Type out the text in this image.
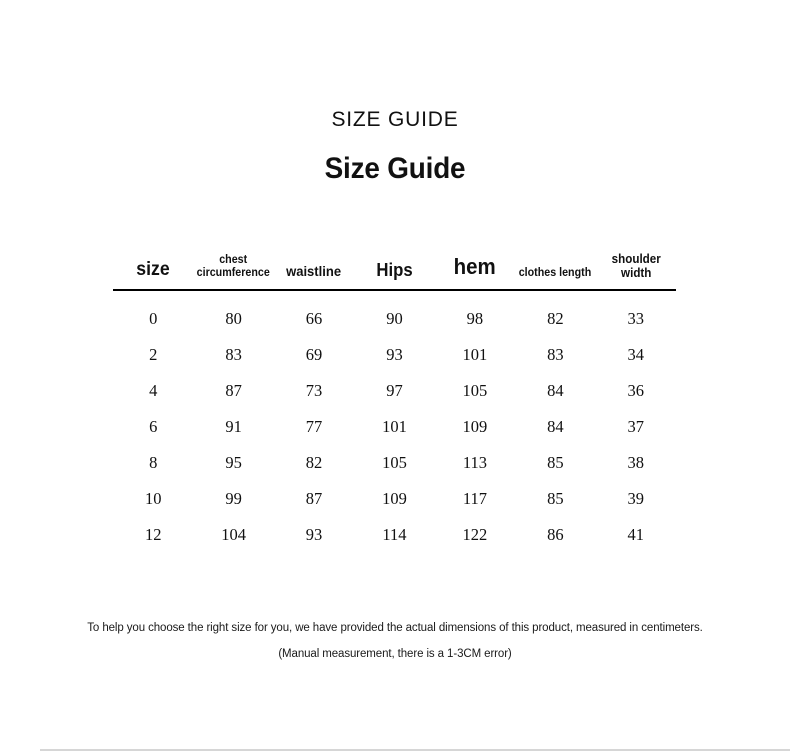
SIZE GUIDE
Size Guide
size	chest circumference	waistline	Hips	hem	clothes length	shoulder width
0	80	66	90	98	82	33
2	83	69	93	101	83	34
4	87	73	97	105	84	36
6	91	77	101	109	84	37
8	95	82	105	113	85	38
10	99	87	109	117	85	39
12	104	93	114	122	86	41
To help you choose the right size for you, we have provided the actual dimensions of this product, measured in centimeters.
(Manual measurement, there is a 1-3CM error)
